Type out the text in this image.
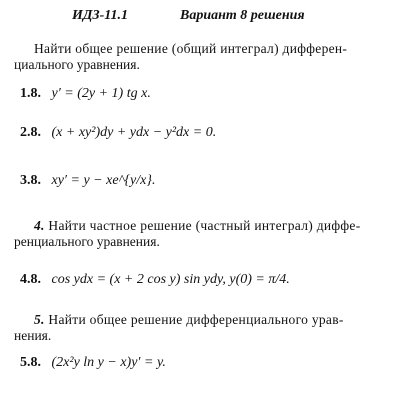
ИДЗ-11.1	Вариант 8 решения
Найти общее решение (общий интеграл) дифферен-
циального уравнения.
1.8. y′ = (2y + 1) tg x.
2.8. (x + xy²)dy + ydx − y²dx = 0.
3.8. xy′ = y − xe^{y/x}.
4. Найти частное решение (частный интеграл) диффе-
ренциального уравнения.
4.8. cos ydx = (x + 2 cos y) sin ydy, y(0) = π/4.
5. Найти общее решение дифференциального урав-
нения.
5.8. (2x²y ln y − x)y′ = y.
